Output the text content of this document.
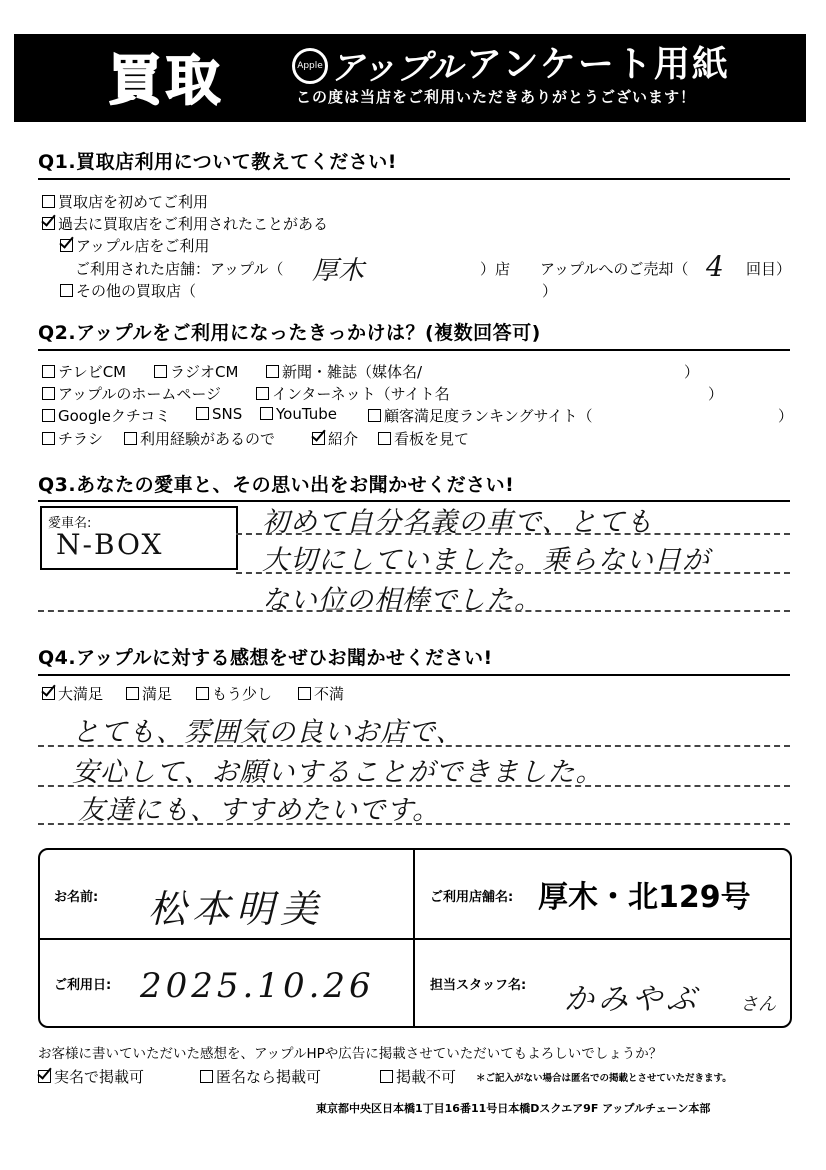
買取	Apple アップル アンケート用紙
この度は当店をご利用いただきありがとうございます！
Q1.買取店利用について教えてください!
買取店を初めてご利用
過去に買取店をご利用されたことがある
アップル店をご利用
ご利用された店舗：アップル（ 厚木	）店 アップルへのご売却（ 4 回目）
その他の買取店（	）
Q2.アップルをご利用になったきっかけは？(複数回答可)
テレビCM	ラジオCM	新聞・雑誌（媒体名/	）
アップルのホームページ	インターネット（サイト名	）
Googleクチコミ	SNS	YouTube	顧客満足度ランキングサイト（	）
チラシ	利用経験があるので	紹介	看板を見て
Q3.あなたの愛車と、その思い出をお聞かせください!
愛車名:
N-BOX
初めて自分名義の車で、とても
大切にしていました。乗らない日が
ない位の相棒でした。
Q4.アップルに対する感想をぜひお聞かせください!
大満足	満足	もう少し	不満
とても、雰囲気の良いお店で、
安心して、お願いすることができました。
友達にも、すすめたいです。
お名前: 松本明美	ご利用店舗名: 厚木・北129号
ご利用日: 2025.10.26	担当スタッフ名: かみやぶ さん
お客様に書いていただいた感想を、アップルHPや広告に掲載させていただいてもよろしいでしょうか？
実名で掲載可	匿名なら掲載可	掲載不可 ＊ご記入がない場合は匿名での掲載とさせていただきます。
東京都中央区日本橋1丁目16番11号日本橋Dスクエア9F アップルチェーン本部
